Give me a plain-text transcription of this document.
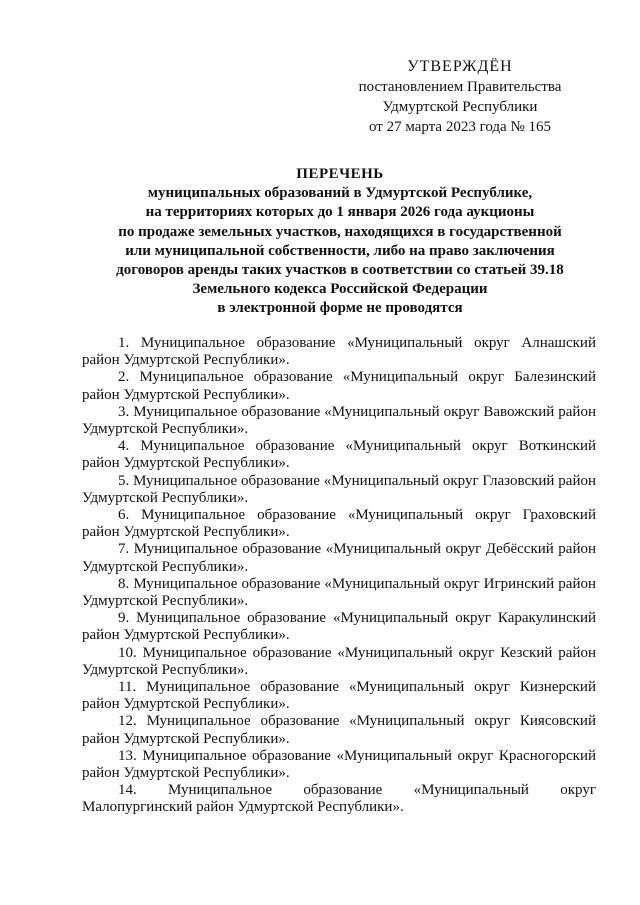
УТВЕРЖДЁН
постановлением Правительства
Удмуртской Республики
от 27 марта 2023 года № 165
ПЕРЕЧЕНЬ
муниципальных образований в Удмуртской Республике,
на территориях которых до 1 января 2026 года аукционы
по продаже земельных участков, находящихся в государственной
или муниципальной собственности, либо на право заключения
договоров аренды таких участков в соответствии со статьей 39.18
Земельного кодекса Российской Федерации
в электронной форме не проводятся
1. Муниципальное образование «Муниципальный округ Алнашский район Удмуртской Республики».
2. Муниципальное образование «Муниципальный округ Балезинский район Удмуртской Республики».
3. Муниципальное образование «Муниципальный округ Вавожский район Удмуртской Республики».
4. Муниципальное образование «Муниципальный округ Воткинский район Удмуртской Республики».
5. Муниципальное образование «Муниципальный округ Глазовский район Удмуртской Республики».
6. Муниципальное образование «Муниципальный округ Граховский район Удмуртской Республики».
7. Муниципальное образование «Муниципальный округ Дебёсский район Удмуртской Республики».
8. Муниципальное образование «Муниципальный округ Игринский район Удмуртской Республики».
9. Муниципальное образование «Муниципальный округ Каракулинский район Удмуртской Республики».
10. Муниципальное образование «Муниципальный округ Кезский район Удмуртской Республики».
11. Муниципальное образование «Муниципальный округ Кизнерский район Удмуртской Республики».
12. Муниципальное образование «Муниципальный округ Киясовский район Удмуртской Республики».
13. Муниципальное образование «Муниципальный округ Красногорский район Удмуртской Республики».
14. Муниципальное образование «Муниципальный округ Малопургинский район Удмуртской Республики».
